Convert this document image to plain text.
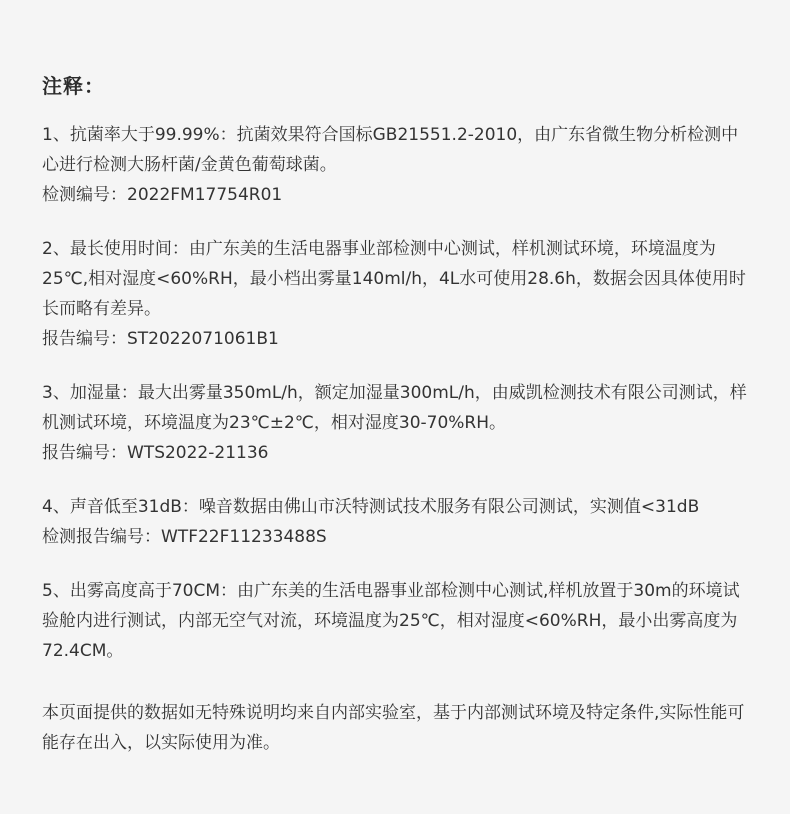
注释：

1、抗菌率大于99.99%：抗菌效果符合国标GB21551.2-2010，由广东省微生物分析检测中心进行检测大肠杆菌/金黄色葡萄球菌。

检测编号：2022FM17754R01

2、最长使用时间：由广东美的生活电器事业部检测中心测试，样机测试环境，环境温度为25℃,相对湿度<60%RH，最小档出雾量140ml/h，4L水可使用28.6h，数据会因具体使用时长而略有差异。

报告编号：ST2022071061B1

3、加湿量：最大出雾量350mL/h，额定加湿量300mL/h，由威凯检测技术有限公司测试，样机测试环境，环境温度为23℃±2℃，相对湿度30-70%RH。

报告编号：WTS2022-21136

4、声音低至31dB：噪音数据由佛山市沃特测试技术服务有限公司测试，实测值<31dB

检测报告编号：WTF22F11233488S

5、出雾高度高于70CM：由广东美的生活电器事业部检测中心测试,样机放置于30m的环境试验舱内进行测试，内部无空气对流，环境温度为25℃，相对湿度<60%RH，最小出雾高度为72.4CM。

本页面提供的数据如无特殊说明均来自内部实验室，基于内部测试环境及特定条件,实际性能可能存在出入，以实际使用为准。
